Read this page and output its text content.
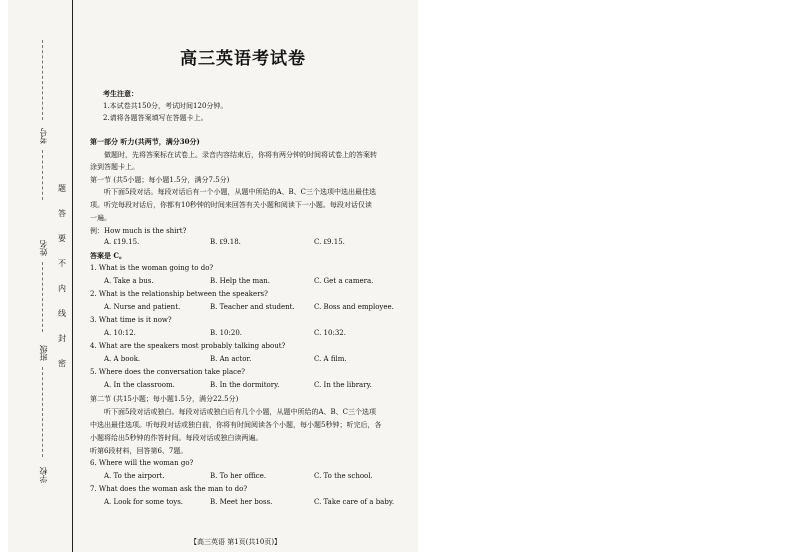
考号
姓名
班级
学校
题
答
要
不
内
线
封
密
高三英语考试卷
考生注意：
1.本试卷共150分，考试时间120分钟。
2.请将各题答案填写在答题卡上。
第一部分 听力(共两节，满分30分)
做题时，先将答案标在试卷上。录音内容结束后，你将有两分钟的时间将试卷上的答案转
涂到答题卡上。
第一节 (共5小题；每小题1.5分，满分7.5分)
听下面5段对话。每段对话后有一个小题，从题中所给的A、B、C三个选项中选出最佳选
项。听完每段对话后，你都有10秒钟的时间来回答有关小题和阅读下一小题。每段对话仅读
一遍。
例：How much is the shirt?
A. ₤19.15.	B. ₤9.18.	C. ₤9.15.
答案是 C。
1. What is the woman going to do?
A. Take a bus.	B. Help the man.	C. Get a camera.
2. What is the relationship between the speakers?
A. Nurse and patient.	B. Teacher and student.	C. Boss and employee.
3. What time is it now?
A. 10:12.	B. 10:20.	C. 10:32.
4. What are the speakers most probably talking about?
A. A book.	B. An actor.	C. A film.
5. Where does the conversation take place?
A. In the classroom.	B. In the dormitory.	C. In the library.
第二节 (共15小题；每小题1.5分，满分22.5分)
听下面5段对话或独白。每段对话或独白后有几个小题，从题中所给的A、B、C三个选项
中选出最佳选项。听每段对话或独白前，你将有时间阅读各个小题，每小题5秒钟；听完后，各
小题将给出5秒钟的作答时间。每段对话或独白读两遍。
听第6段材料，回答第6、7题。
6. Where will the woman go?
A. To the airport.	B. To her office.	C. To the school.
7. What does the woman ask the man to do?
A. Look for some toys.	B. Meet her boss.	C. Take care of a baby.
【高三英语 第1页(共10页)】
